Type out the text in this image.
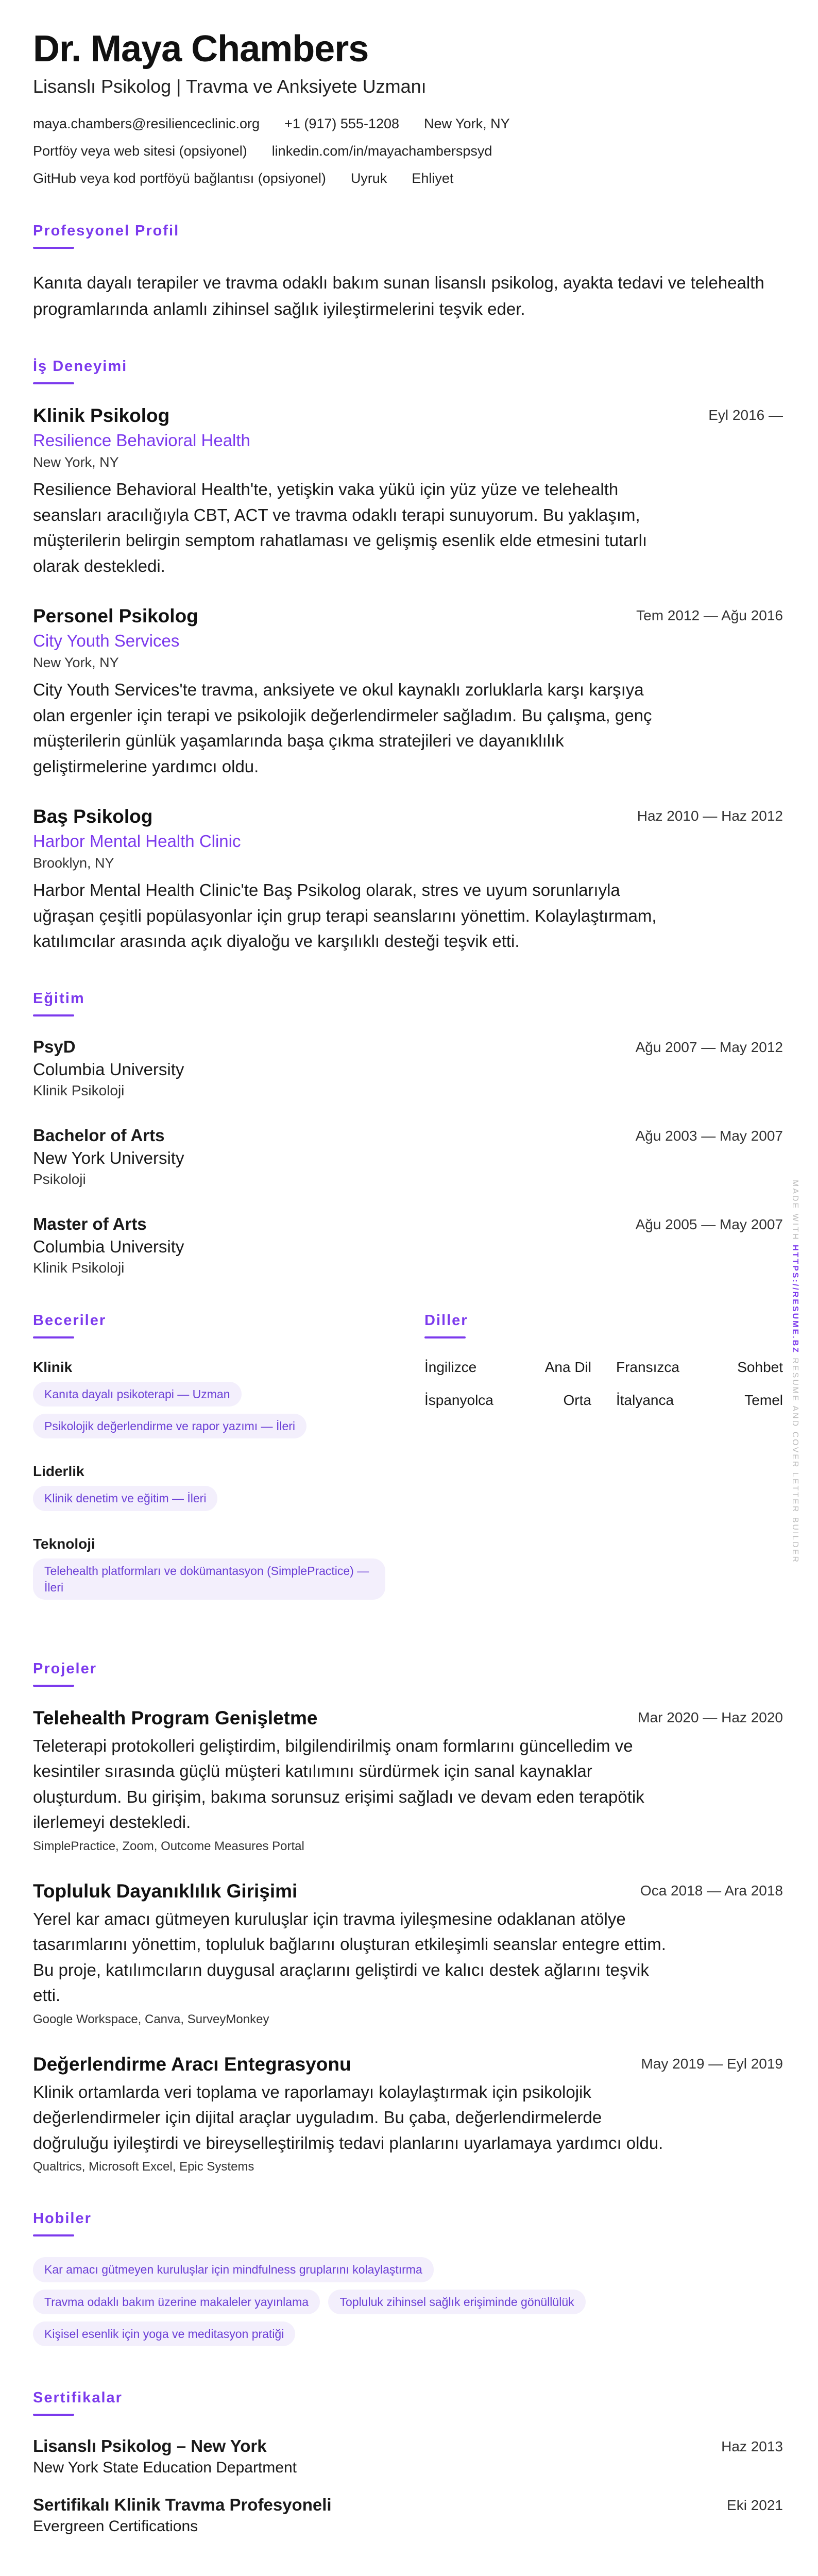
Dr. Maya Chambers
Lisanslı Psikolog | Travma ve Anksiyete Uzmanı
maya.chambers@resilienceclinic.org +1 (917) 555-1208 New York, NY
Portföy veya web sitesi (opsiyonel) linkedin.com/in/mayachamberspsyd
GitHub veya kod portföyü bağlantısı (opsiyonel) Uyruk Ehliyet
Profesyonel Profil
Kanıta dayalı terapiler ve travma odaklı bakım sunan lisanslı psikolog, ayakta tedavi ve telehealth programlarında anlamlı zihinsel sağlık iyileştirmelerini teşvik eder.
İş Deneyimi
Eyl 2016 —
Klinik Psikolog
Resilience Behavioral Health
New York, NY
Resilience Behavioral Health'te, yetişkin vaka yükü için yüz yüze ve telehealth seansları aracılığıyla CBT, ACT ve travma odaklı terapi sunuyorum. Bu yaklaşım, müşterilerin belirgin semptom rahatlaması ve gelişmiş esenlik elde etmesini tutarlı olarak destekledi.
Tem 2012 — Ağu 2016
Personel Psikolog
City Youth Services
New York, NY
City Youth Services'te travma, anksiyete ve okul kaynaklı zorluklarla karşı karşıya olan ergenler için terapi ve psikolojik değerlendirmeler sağladım. Bu çalışma, genç müşterilerin günlük yaşamlarında başa çıkma stratejileri ve dayanıklılık geliştirmelerine yardımcı oldu.
Haz 2010 — Haz 2012
Baş Psikolog
Harbor Mental Health Clinic
Brooklyn, NY
Harbor Mental Health Clinic'te Baş Psikolog olarak, stres ve uyum sorunlarıyla uğraşan çeşitli popülasyonlar için grup terapi seanslarını yönettim. Kolaylaştırmam, katılımcılar arasında açık diyaloğu ve karşılıklı desteği teşvik etti.
Eğitim
Ağu 2007 — May 2012
PsyD
Columbia University
Klinik Psikoloji
Ağu 2003 — May 2007
Bachelor of Arts
New York University
Psikoloji
Ağu 2005 — May 2007
Master of Arts
Columbia University
Klinik Psikoloji
Beceriler
Klinik
Kanıta dayalı psikoterapi — Uzman
Psikolojik değerlendirme ve rapor yazımı — İleri
Liderlik
Klinik denetim ve eğitim — İleri
Teknoloji
Telehealth platformları ve dokümantasyon (SimplePractice) — İleri
Diller
İngilizce	Ana Dil Fransızca	Sohbet
İspanyolca	Orta İtalyanca	Temel
Projeler
Mar 2020 — Haz 2020
Telehealth Program Genişletme
Teleterapi protokolleri geliştirdim, bilgilendirilmiş onam formlarını güncelledim ve kesintiler sırasında güçlü müşteri katılımını sürdürmek için sanal kaynaklar oluşturdum. Bu girişim, bakıma sorunsuz erişimi sağladı ve devam eden terapötik ilerlemeyi destekledi.
SimplePractice, Zoom, Outcome Measures Portal
Oca 2018 — Ara 2018
Topluluk Dayanıklılık Girişimi
Yerel kar amacı gütmeyen kuruluşlar için travma iyileşmesine odaklanan atölye tasarımlarını yönettim, topluluk bağlarını oluşturan etkileşimli seanslar entegre ettim. Bu proje, katılımcıların duygusal araçlarını geliştirdi ve kalıcı destek ağlarını teşvik etti.
Google Workspace, Canva, SurveyMonkey
May 2019 — Eyl 2019
Değerlendirme Aracı Entegrasyonu
Klinik ortamlarda veri toplama ve raporlamayı kolaylaştırmak için psikolojik değerlendirmeler için dijital araçlar uyguladım. Bu çaba, değerlendirmelerde doğruluğu iyileştirdi ve bireyselleştirilmiş tedavi planlarını uyarlamaya yardımcı oldu.
Qualtrics, Microsoft Excel, Epic Systems
Hobiler
Kar amacı gütmeyen kuruluşlar için mindfulness gruplarını kolaylaştırma
Travma odaklı bakım üzerine makaleler yayınlama	Topluluk zihinsel sağlık erişiminde gönüllülük
Kişisel esenlik için yoga ve meditasyon pratiği
Sertifikalar
Haz 2013
Lisanslı Psikolog – New York
New York State Education Department
Eki 2021
Sertifikalı Klinik Travma Profesyoneli
Evergreen Certifications
MADE WITH HTTPS://RESUME.BZ RESUME AND COVER LETTER BUILDER
